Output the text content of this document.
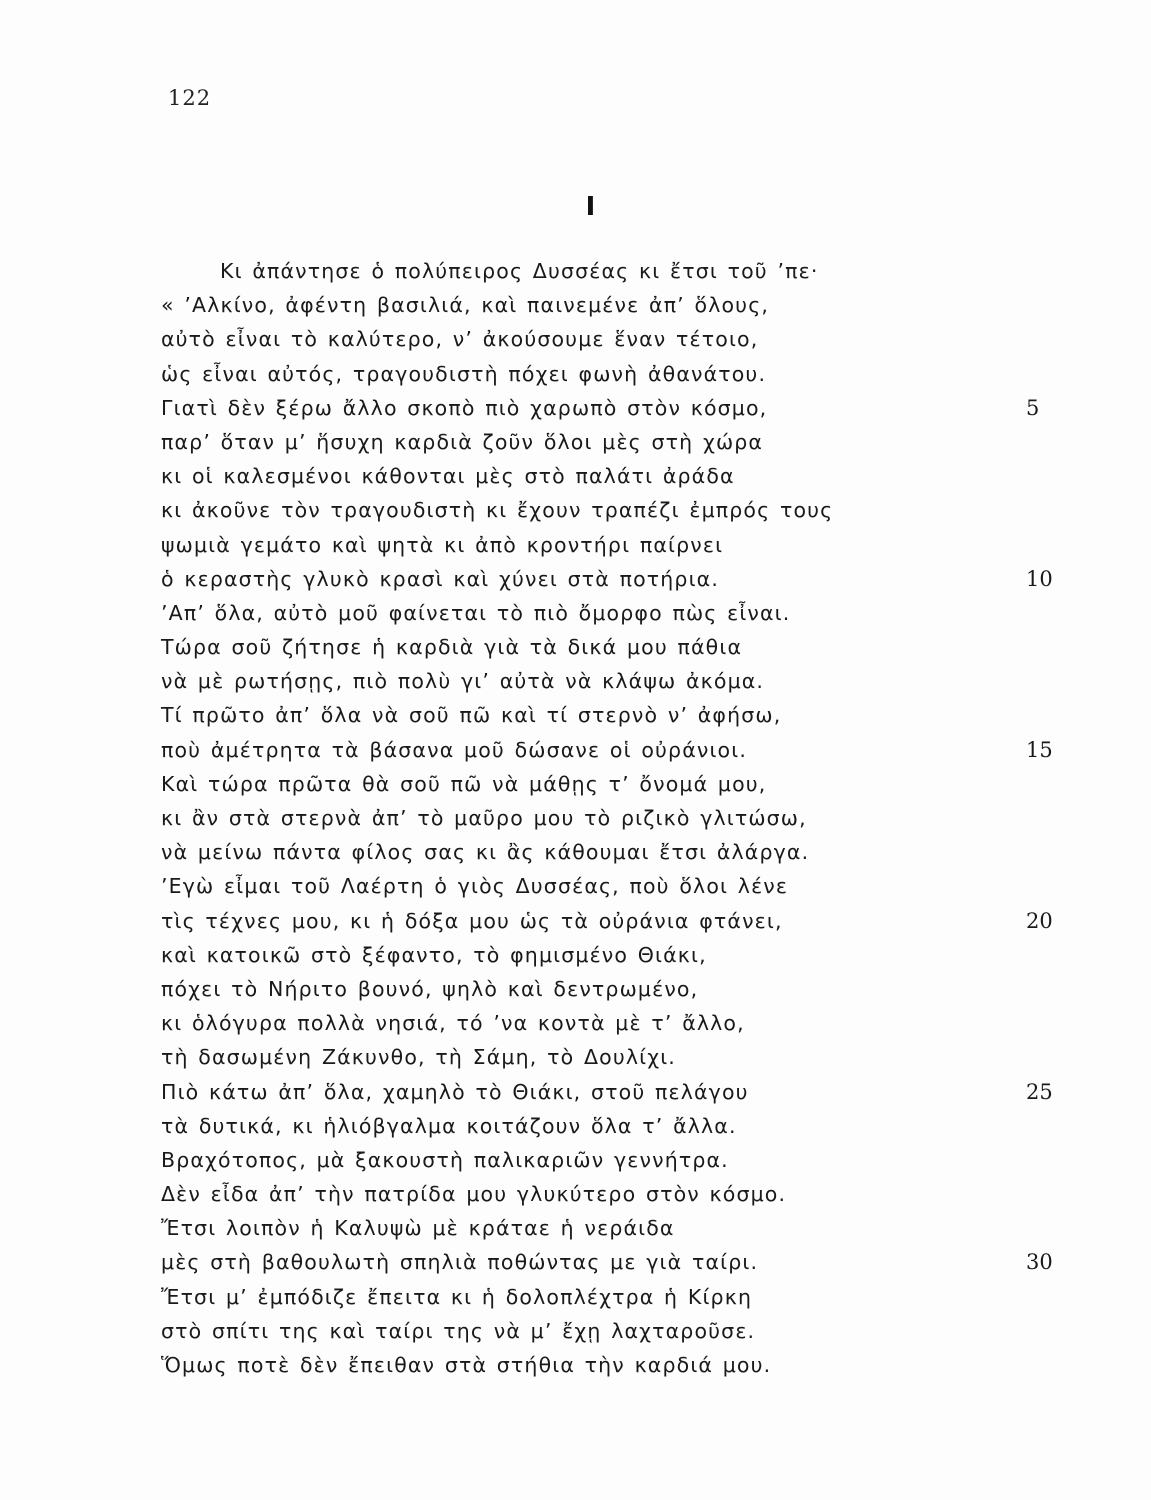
122
I
Κι ἀπάντησε ὁ πολύπειρος Δυσσέας κι ἔτσι τοῦ ’πε·
« ’Αλκίνο, ἀφέντη βασιλιά, καὶ παινεμένε ἀπ’ ὅλους,
αὐτὸ εἶναι τὸ καλύτερο, ν’ ἀκούσουμε ἕναν τέτοιο,
ὡς εἶναι αὐτός, τραγουδιστὴ πόχει φωνὴ ἀθανάτου.
Γιατὶ δὲν ξέρω ἄλλο σκοπὸ πιὸ χαρωπὸ στὸν κόσμο,	5
παρ’ ὅταν μ’ ἥσυχη καρδιὰ ζοῦν ὅλοι μὲς στὴ χώρα
κι οἱ καλεσμένοι κάθονται μὲς στὸ παλάτι ἀράδα
κι ἀκοῦνε τὸν τραγουδιστὴ κι ἔχουν τραπέζι ἐμπρός τους
ψωμιὰ γεμάτο καὶ ψητὰ κι ἀπὸ κροντήρι παίρνει
ὁ κεραστὴς γλυκὸ κρασὶ καὶ χύνει στὰ ποτήρια.	10
’Απ’ ὅλα, αὐτὸ μοῦ φαίνεται τὸ πιὸ ὄμορφο πὼς εἶναι.
Τώρα σοῦ ζήτησε ἡ καρδιὰ γιὰ τὰ δικά μου πάθια
νὰ μὲ ρωτήσῃς, πιὸ πολὺ γι’ αὐτὰ νὰ κλάψω ἀκόμα.
Τί πρῶτο ἀπ’ ὅλα νὰ σοῦ πῶ καὶ τί στερνὸ ν’ ἀφήσω,
ποὺ ἀμέτρητα τὰ βάσανα μοῦ δώσανε οἱ οὐράνιοι.	15
Καὶ τώρα πρῶτα θὰ σοῦ πῶ νὰ μάθῃς τ’ ὄνομά μου,
κι ἂν στὰ στερνὰ ἀπ’ τὸ μαῦρο μου τὸ ριζικὸ γλιτώσω,
νὰ μείνω πάντα φίλος σας κι ἂς κάθουμαι ἔτσι ἀλάργα.
’Εγὼ εἶμαι τοῦ Λαέρτη ὁ γιὸς Δυσσέας, ποὺ ὅλοι λένε
τὶς τέχνες μου, κι ἡ δόξα μου ὡς τὰ οὐράνια φτάνει,	20
καὶ κατοικῶ στὸ ξέφαντο, τὸ φημισμένο Θιάκι,
πόχει τὸ Νήριτο βουνό, ψηλὸ καὶ δεντρωμένο,
κι ὁλόγυρα πολλὰ νησιά, τό ’να κοντὰ μὲ τ’ ἄλλο,
τὴ δασωμένη Ζάκυνθο, τὴ Σάμη, τὸ Δουλίχι.
Πιὸ κάτω ἀπ’ ὅλα, χαμηλὸ τὸ Θιάκι, στοῦ πελάγου	25
τὰ δυτικά, κι ἡλιόβγαλμα κοιτάζουν ὅλα τ’ ἄλλα.
Βραχότοπος, μὰ ξακουστὴ παλικαριῶν γεννήτρα.
Δὲν εἶδα ἀπ’ τὴν πατρίδα μου γλυκύτερο στὸν κόσμο.
Ἔτσι λοιπὸν ἡ Καλυψὼ μὲ κράταε ἡ νεράιδα
μὲς στὴ βαθουλωτὴ σπηλιὰ ποθώντας με γιὰ ταίρι.	30
Ἔτσι μ’ ἐμπόδιζε ἔπειτα κι ἡ δολοπλέχτρα ἡ Κίρκη
στὸ σπίτι της καὶ ταίρι της νὰ μ’ ἔχῃ λαχταροῦσε.
Ὅμως ποτὲ δὲν ἔπειθαν στὰ στήθια τὴν καρδιά μου.
